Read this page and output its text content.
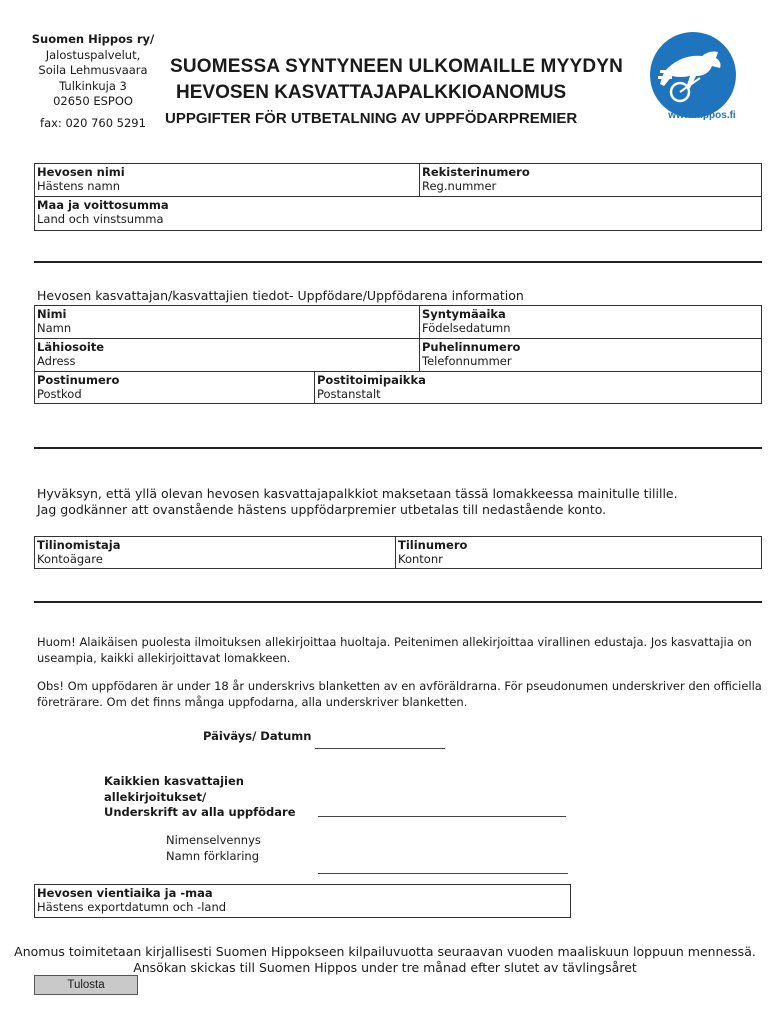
Suomen Hippos ry/
Jalostuspalvelut,
Soila Lehmusvaara
Tulkinkuja 3
02650 ESPOO
fax: 020 760 5291
SUOMESSA SYNTYNEEN ULKOMAILLE MYYDYN
HEVOSEN KASVATTAJAPALKKIOANOMUS
UPPGIFTER FÖR UTBETALNING AV UPPFÖDARPREMIER	www.hippos.fi
Hevosen nimi
Hästens namn
Rekisterinumero
Reg.nummer
Maa ja voittosumma
Land och vinstsumma
Hevosen kasvattajan/kasvattajien tiedot- Uppfödare/Uppfödarena information
Nimi
Namn
Syntymäaika
Födelsedatumn
Lähiosoite
Adress
Puhelinnumero
Telefonnummer
Postinumero
Postkod
Postitoimipaikka
Postanstalt
Hyväksyn, että yllä olevan hevosen kasvattajapalkkiot maksetaan tässä lomakkeessa mainitulle tilille.
Jag godkänner att ovanstående hästens uppfödarpremier utbetalas till nedastående konto.
Tilinomistaja
Kontoägare
Tilinumero
Kontonr
Huom! Alaikäisen puolesta ilmoituksen allekirjoittaa huoltaja. Peitenimen allekirjoittaa virallinen edustaja. Jos kasvattajia on
useampia, kaikki allekirjoittavat lomakkeen.
Obs! Om uppfödaren är under 18 år underskrivs blanketten av en avföräldrarna. För pseudonumen underskriver den officiella
företrärare. Om det finns många uppfodarna, alla underskriver blanketten.
Päiväys/ Datumn
Kaikkien kasvattajien
allekirjoitukset/
Underskrift av alla uppfödare
Nimenselvennys
Namn förklaring
Hevosen vientiaika ja -maa
Hästens exportdatumn och -land
Anomus toimitetaan kirjallisesti Suomen Hippokseen kilpailuvuotta seuraavan vuoden maaliskuun loppuun mennessä.
Ansökan skickas till Suomen Hippos under tre månad efter slutet av tävlingsåret
Tulosta
